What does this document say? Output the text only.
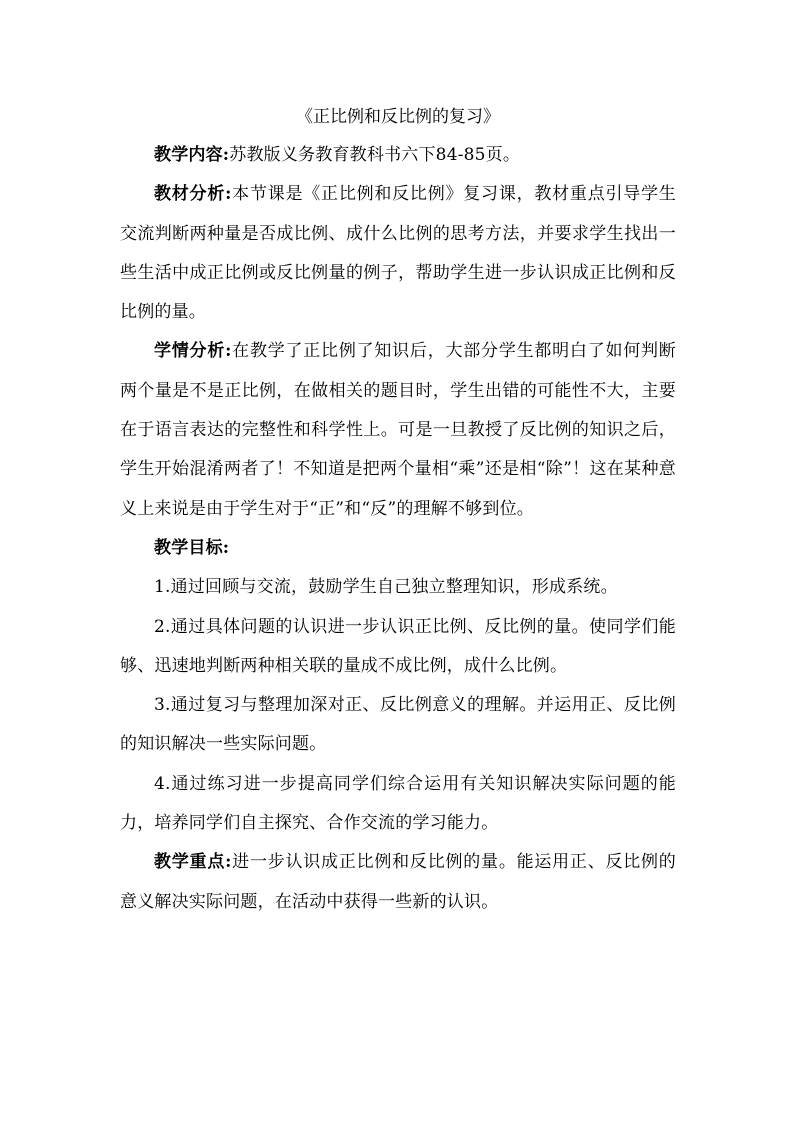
《正比例和反比例的复习》

教学内容:苏教版义务教育教科书六下84-85页。

教材分析:本节课是《正比例和反比例》复习课，教材重点引导学生交流判断两种量是否成比例、成什么比例的思考方法，并要求学生找出一些生活中成正比例或反比例量的例子，帮助学生进一步认识成正比例和反比例的量。

学情分析:在教学了正比例了知识后，大部分学生都明白了如何判断两个量是不是正比例，在做相关的题目时，学生出错的可能性不大，主要在于语言表达的完整性和科学性上。可是一旦教授了反比例的知识之后，学生开始混淆两者了！不知道是把两个量相“乘”还是相“除”！这在某种意义上来说是由于学生对于“正”和“反”的理解不够到位。

教学目标:

1.通过回顾与交流，鼓励学生自己独立整理知识，形成系统。

2.通过具体问题的认识进一步认识正比例、反比例的量。使同学们能够、迅速地判断两种相关联的量成不成比例，成什么比例。

3.通过复习与整理加深对正、反比例意义的理解。并运用正、反比例的知识解决一些实际问题。

4.通过练习进一步提高同学们综合运用有关知识解决实际问题的能力，培养同学们自主探究、合作交流的学习能力。

教学重点:进一步认识成正比例和反比例的量。能运用正、反比例的意义解决实际问题，在活动中获得一些新的认识。
